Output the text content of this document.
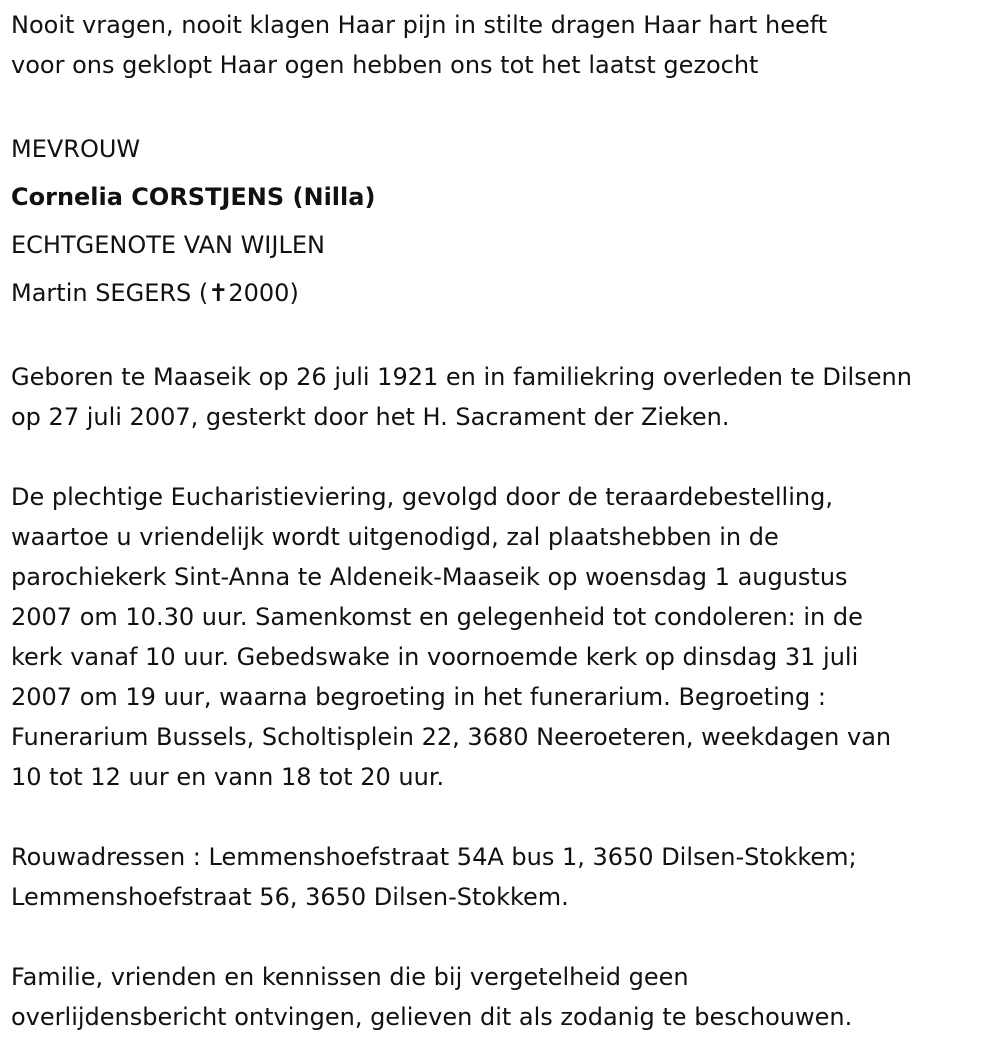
Nooit vragen, nooit klagen Haar pijn in stilte dragen Haar hart heeft
voor ons geklopt Haar ogen hebben ons tot het laatst gezocht
MEVROUW
Cornelia CORSTJENS (Nilla)
ECHTGENOTE VAN WIJLEN
Martin SEGERS (✝2000)
Geboren te Maaseik op 26 juli 1921 en in familiekring overleden te Dilsenn
op 27 juli 2007, gesterkt door het H. Sacrament der Zieken.
De plechtige Eucharistieviering, gevolgd door de teraardebestelling,
waartoe u vriendelijk wordt uitgenodigd, zal plaatshebben in de
parochiekerk Sint-Anna te Aldeneik-Maaseik op woensdag 1 augustus
2007 om 10.30 uur. Samenkomst en gelegenheid tot condoleren: in de
kerk vanaf 10 uur. Gebedswake in voornoemde kerk op dinsdag 31 juli
2007 om 19 uur, waarna begroeting in het funerarium. Begroeting :
Funerarium Bussels, Scholtisplein 22, 3680 Neeroeteren, weekdagen van
10 tot 12 uur en vann 18 tot 20 uur.
Rouwadressen : Lemmenshoefstraat 54A bus 1, 3650 Dilsen-Stokkem;
Lemmenshoefstraat 56, 3650 Dilsen-Stokkem.
Familie, vrienden en kennissen die bij vergetelheid geen
overlijdensbericht ontvingen, gelieven dit als zodanig te beschouwen.
